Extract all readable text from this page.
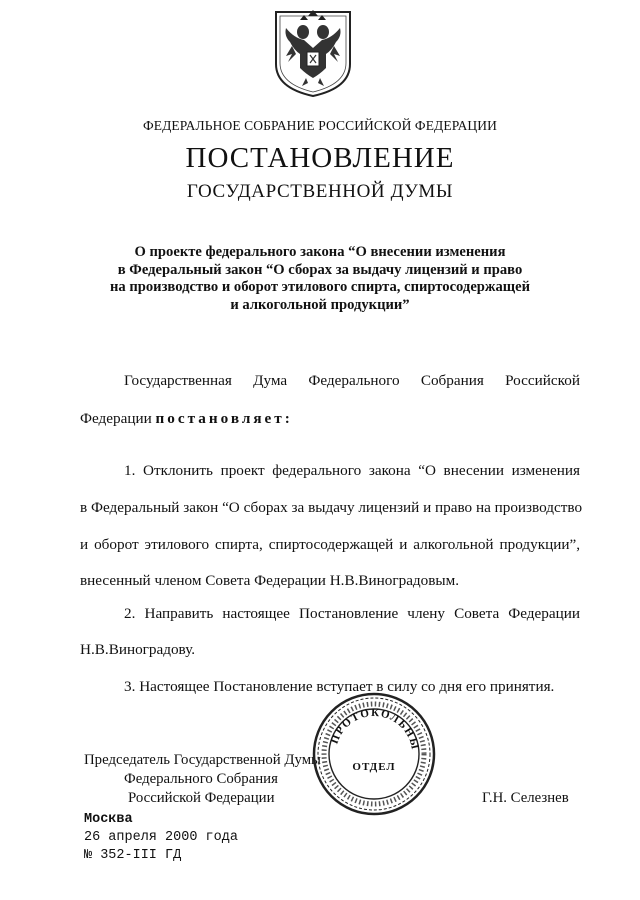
ФЕДЕРАЛЬНОЕ СОБРАНИЕ РОССИЙСКОЙ ФЕДЕРАЦИИ
ПОСТАНОВЛЕНИЕ
ГОСУДАРСТВЕННОЙ ДУМЫ
О проекте федерального закона “О внесении изменения
в Федеральный закон “О сборах за выдачу лицензий и право
на производство и оборот этилового спирта, спиртосодержащей
и алкогольной продукции”
Государственная Дума Федерального Собрания Российской
Федерации постановляет:
1. Отклонить проект федерального закона “О внесении изменения
в Федеральный закон “О сборах за выдачу лицензий и право на производство
и оборот этилового спирта, спиртосодержащей и алкогольной продукции”,
внесенный членом Совета Федерации Н.В.Виноградовым.
2. Направить настоящее Постановление члену Совета Федерации
Н.В.Виноградову.
3. Настоящее Постановление вступает в силу со дня его принятия.
Председатель Государственной Думы
Федерального Собрания
Российской Федерации	Г.Н. Селезнев
ПРОТОКОЛЬНЫ
ОТДЕЛ
Москва
26 апреля 2000 года
№ 352-III ГД
